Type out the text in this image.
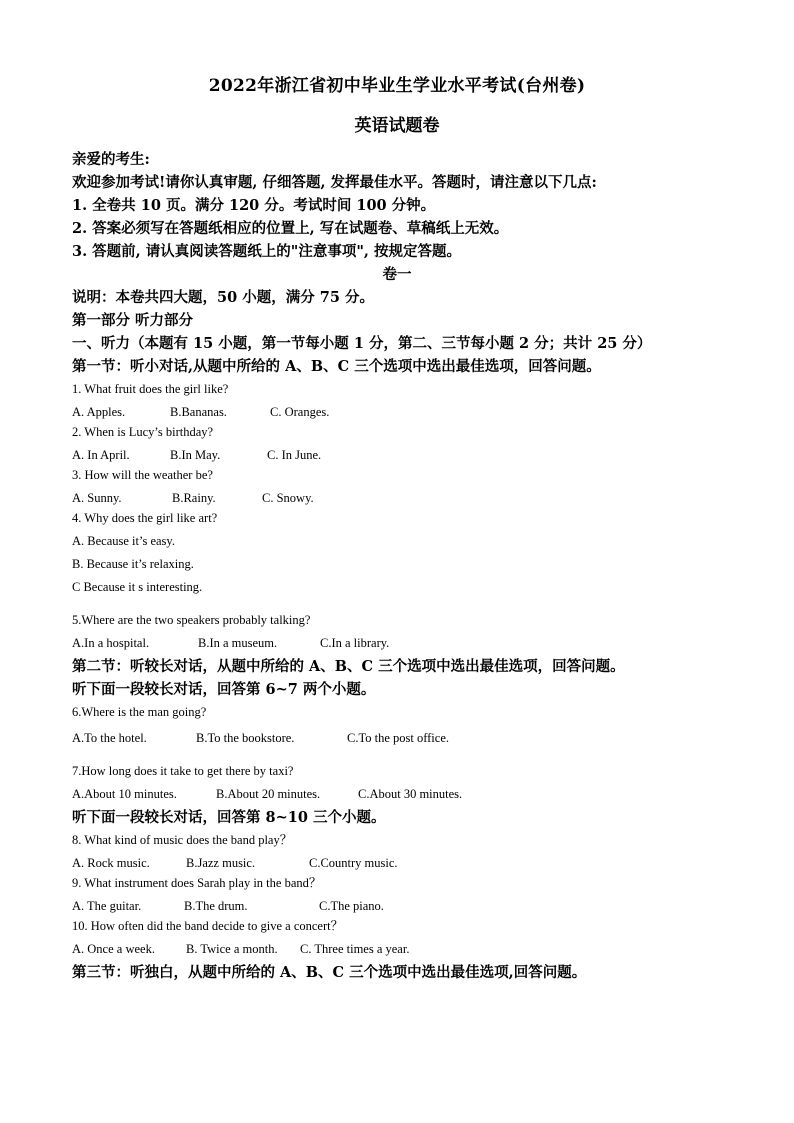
2022年浙江省初中毕业生学业水平考试(台州卷)
英语试题卷
亲爱的考生:
欢迎参加考试!请你认真审题, 仔细答题, 发挥最佳水平。答题时，请注意以下几点:
1. 全卷共 10 页。满分 120 分。考试时间 100 分钟。
2. 答案必须写在答题纸相应的位置上, 写在试题卷、草稿纸上无效。
3. 答题前, 请认真阅读答题纸上的"注意事项", 按规定答题。
卷一
说明：本卷共四大题，50 小题，满分 75 分。
第一部分 听力部分
一、听力（本题有 15 小题，第一节每小题 1 分，第二、三节每小题 2 分；共计 25 分）
第一节：听小对话,从题中所给的 A、B、C 三个选项中选出最佳选项，回答问题。
1. What fruit does the girl like?
A. Apples.	B.Bananas.	C. Oranges.
2. When is Lucy’s birthday?
A. In April.	B.In May.	C. In June.
3. How will the weather be?
A. Sunny.	B.Rainy.	C. Snowy.
4. Why does the girl like art?
A. Because it’s easy.
B. Because it’s relaxing.
C Because it s interesting.
5.Where are the two speakers probably talking?
A.In a hospital.	B.In a museum.	C.In a library.
第二节：听较长对话，从题中所给的 A、B、C 三个选项中选出最佳选项，回答问题。
听下面一段较长对话，回答第 6~7 两个小题。
6.Where is the man going?
A.To the hotel.	B.To the bookstore.	C.To the post office.
7.How long does it take to get there by taxi?
A.About 10 minutes.	B.About 20 minutes.	C.About 30 minutes.
听下面一段较长对话，回答第 8~10 三个小题。
8. What kind of music does the band play？
A. Rock music.	B.Jazz music.	C.Country music.
9. What instrument does Sarah play in the band？
A. The guitar.	B.The drum.	C.The piano.
10. How often did the band decide to give a concert？
A. Once a week. B. Twice a month. C. Three times a year.
第三节：听独白，从题中所给的 A、B、C 三个选项中选出最佳选项,回答问题。
